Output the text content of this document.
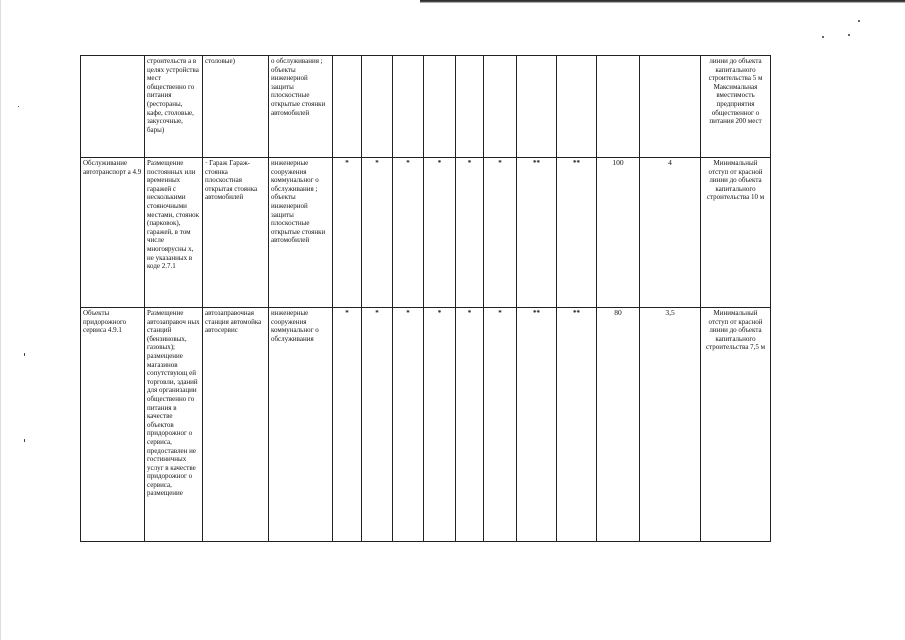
	строительств а в целях устройства мест общественно го питания (рестораны, кафе, столовые, закусочные, бары)	столовые)	о обслуживания ; объекты инженерной защиты плоскостные открытые стоянки автомобилей											линии до объекта капитального строительства 5 м Максимальная вместимость предприятия общественног о питания 200 мест
Обслуживание автотранспорт а 4.9	Размещение постоянных или временных гаражей с несколькими стояночными местами, стоянок (парковок), гаражей, в том числе многоярусны х, не указанных в коде 2.7.1	· Гараж Гараж-стоянка плоскостная открытая стоянка автомобилей	инженерные сооружения коммунальног о обслуживания ; объекты инженерной защиты плоскостные открытые стоянки автомобилей	*	*	*	*	*	*	**	**	100	4	Минимальный отступ от красной линии до объекта капитального строительства 10 м
Объекты придорожного сервиса 4.9.1	Размещение автозаправоч ных станций (бензиновых, газовых); размещение магазинов сопутствующ ей торговли, зданий для организации общественно го питания в качестве объектов придорожног о сервиса, предоставлен ие гостиничных услуг в качестве придорожног о сервиса, размещение	автозаправочная станция автомойка автосервис	инженерные сооружения коммунальног о обслуживания	*	*	*	*	*	*	**	**	80	3,5	Минимальный отступ от красной линии до объекта капитального строительства 7,5 м
